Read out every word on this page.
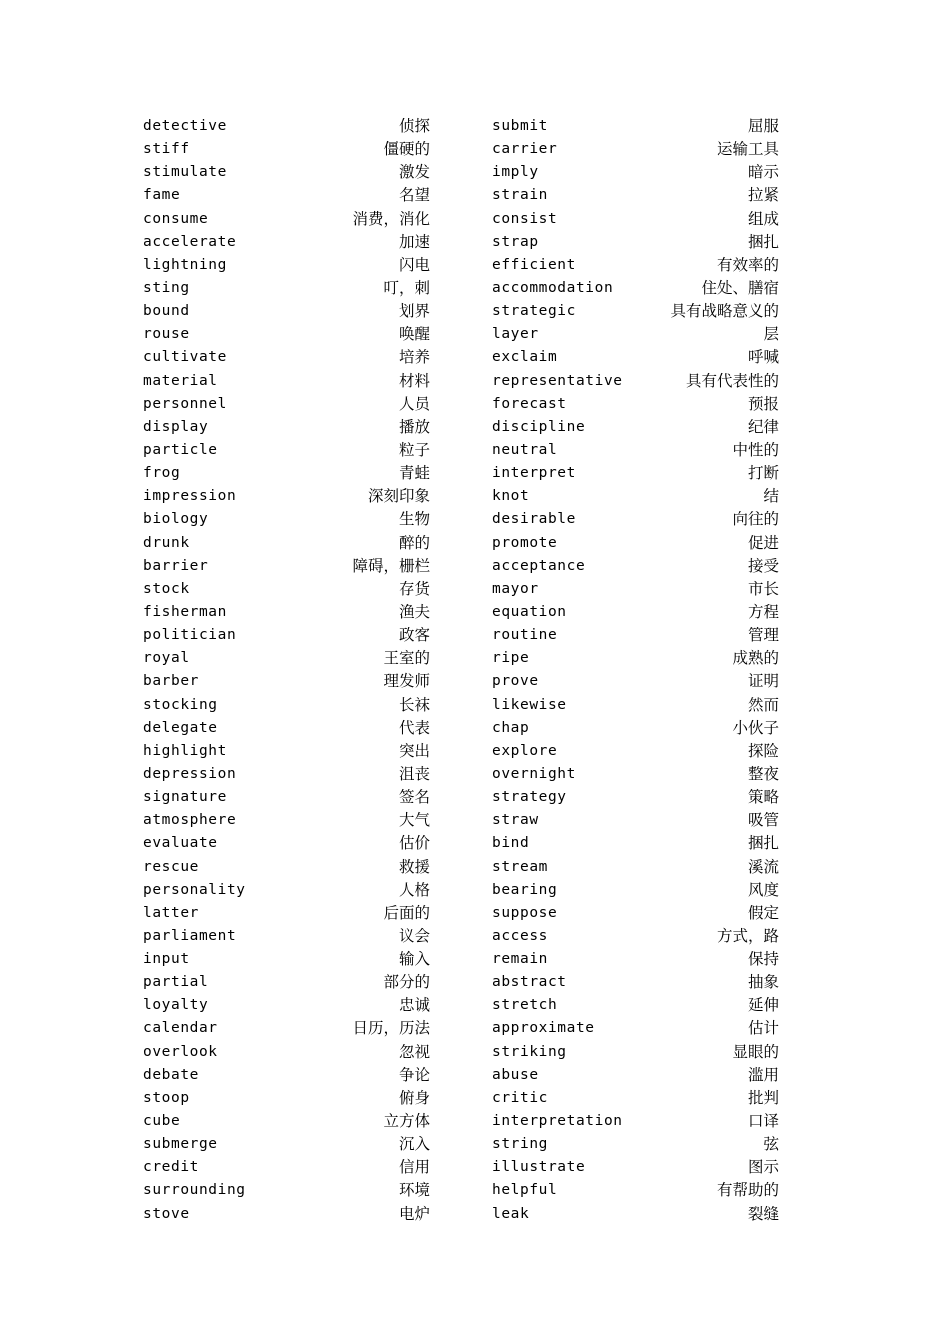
detective	侦探
stiff	僵硬的
stimulate	激发
fame	名望
consume	消费，消化
accelerate	加速
lightning	闪电
sting	叮，刺
bound	划界
rouse	唤醒
cultivate	培养
material	材料
personnel	人员
display	播放
particle	粒子
frog	青蛙
impression	深刻印象
biology	生物
drunk	醉的
barrier	障碍，栅栏
stock	存货
fisherman	渔夫
politician	政客
royal	王室的
barber	理发师
stocking	长袜
delegate	代表
highlight	突出
depression	沮丧
signature	签名
atmosphere	大气
evaluate	估价
rescue	救援
personality	人格
latter	后面的
parliament	议会
input	输入
partial	部分的
loyalty	忠诚
calendar	日历，历法
overlook	忽视
debate	争论
stoop	俯身
cube	立方体
submerge	沉入
credit	信用
surrounding	环境
stove	电炉
submit	屈服
carrier	运输工具
imply	暗示
strain	拉紧
consist	组成
strap	捆扎
efficient	有效率的
accommodation	住处、膳宿
strategic	具有战略意义的
layer	层
exclaim	呼喊
representative	具有代表性的
forecast	预报
discipline	纪律
neutral	中性的
interpret	打断
knot	结
desirable	向往的
promote	促进
acceptance	接受
mayor	市长
equation	方程
routine	管理
ripe	成熟的
prove	证明
likewise	然而
chap	小伙子
explore	探险
overnight	整夜
strategy	策略
straw	吸管
bind	捆扎
stream	溪流
bearing	风度
suppose	假定
access	方式，路
remain	保持
abstract	抽象
stretch	延伸
approximate	估计
striking	显眼的
abuse	滥用
critic	批判
interpretation	口译
string	弦
illustrate	图示
helpful	有帮助的
leak	裂缝
